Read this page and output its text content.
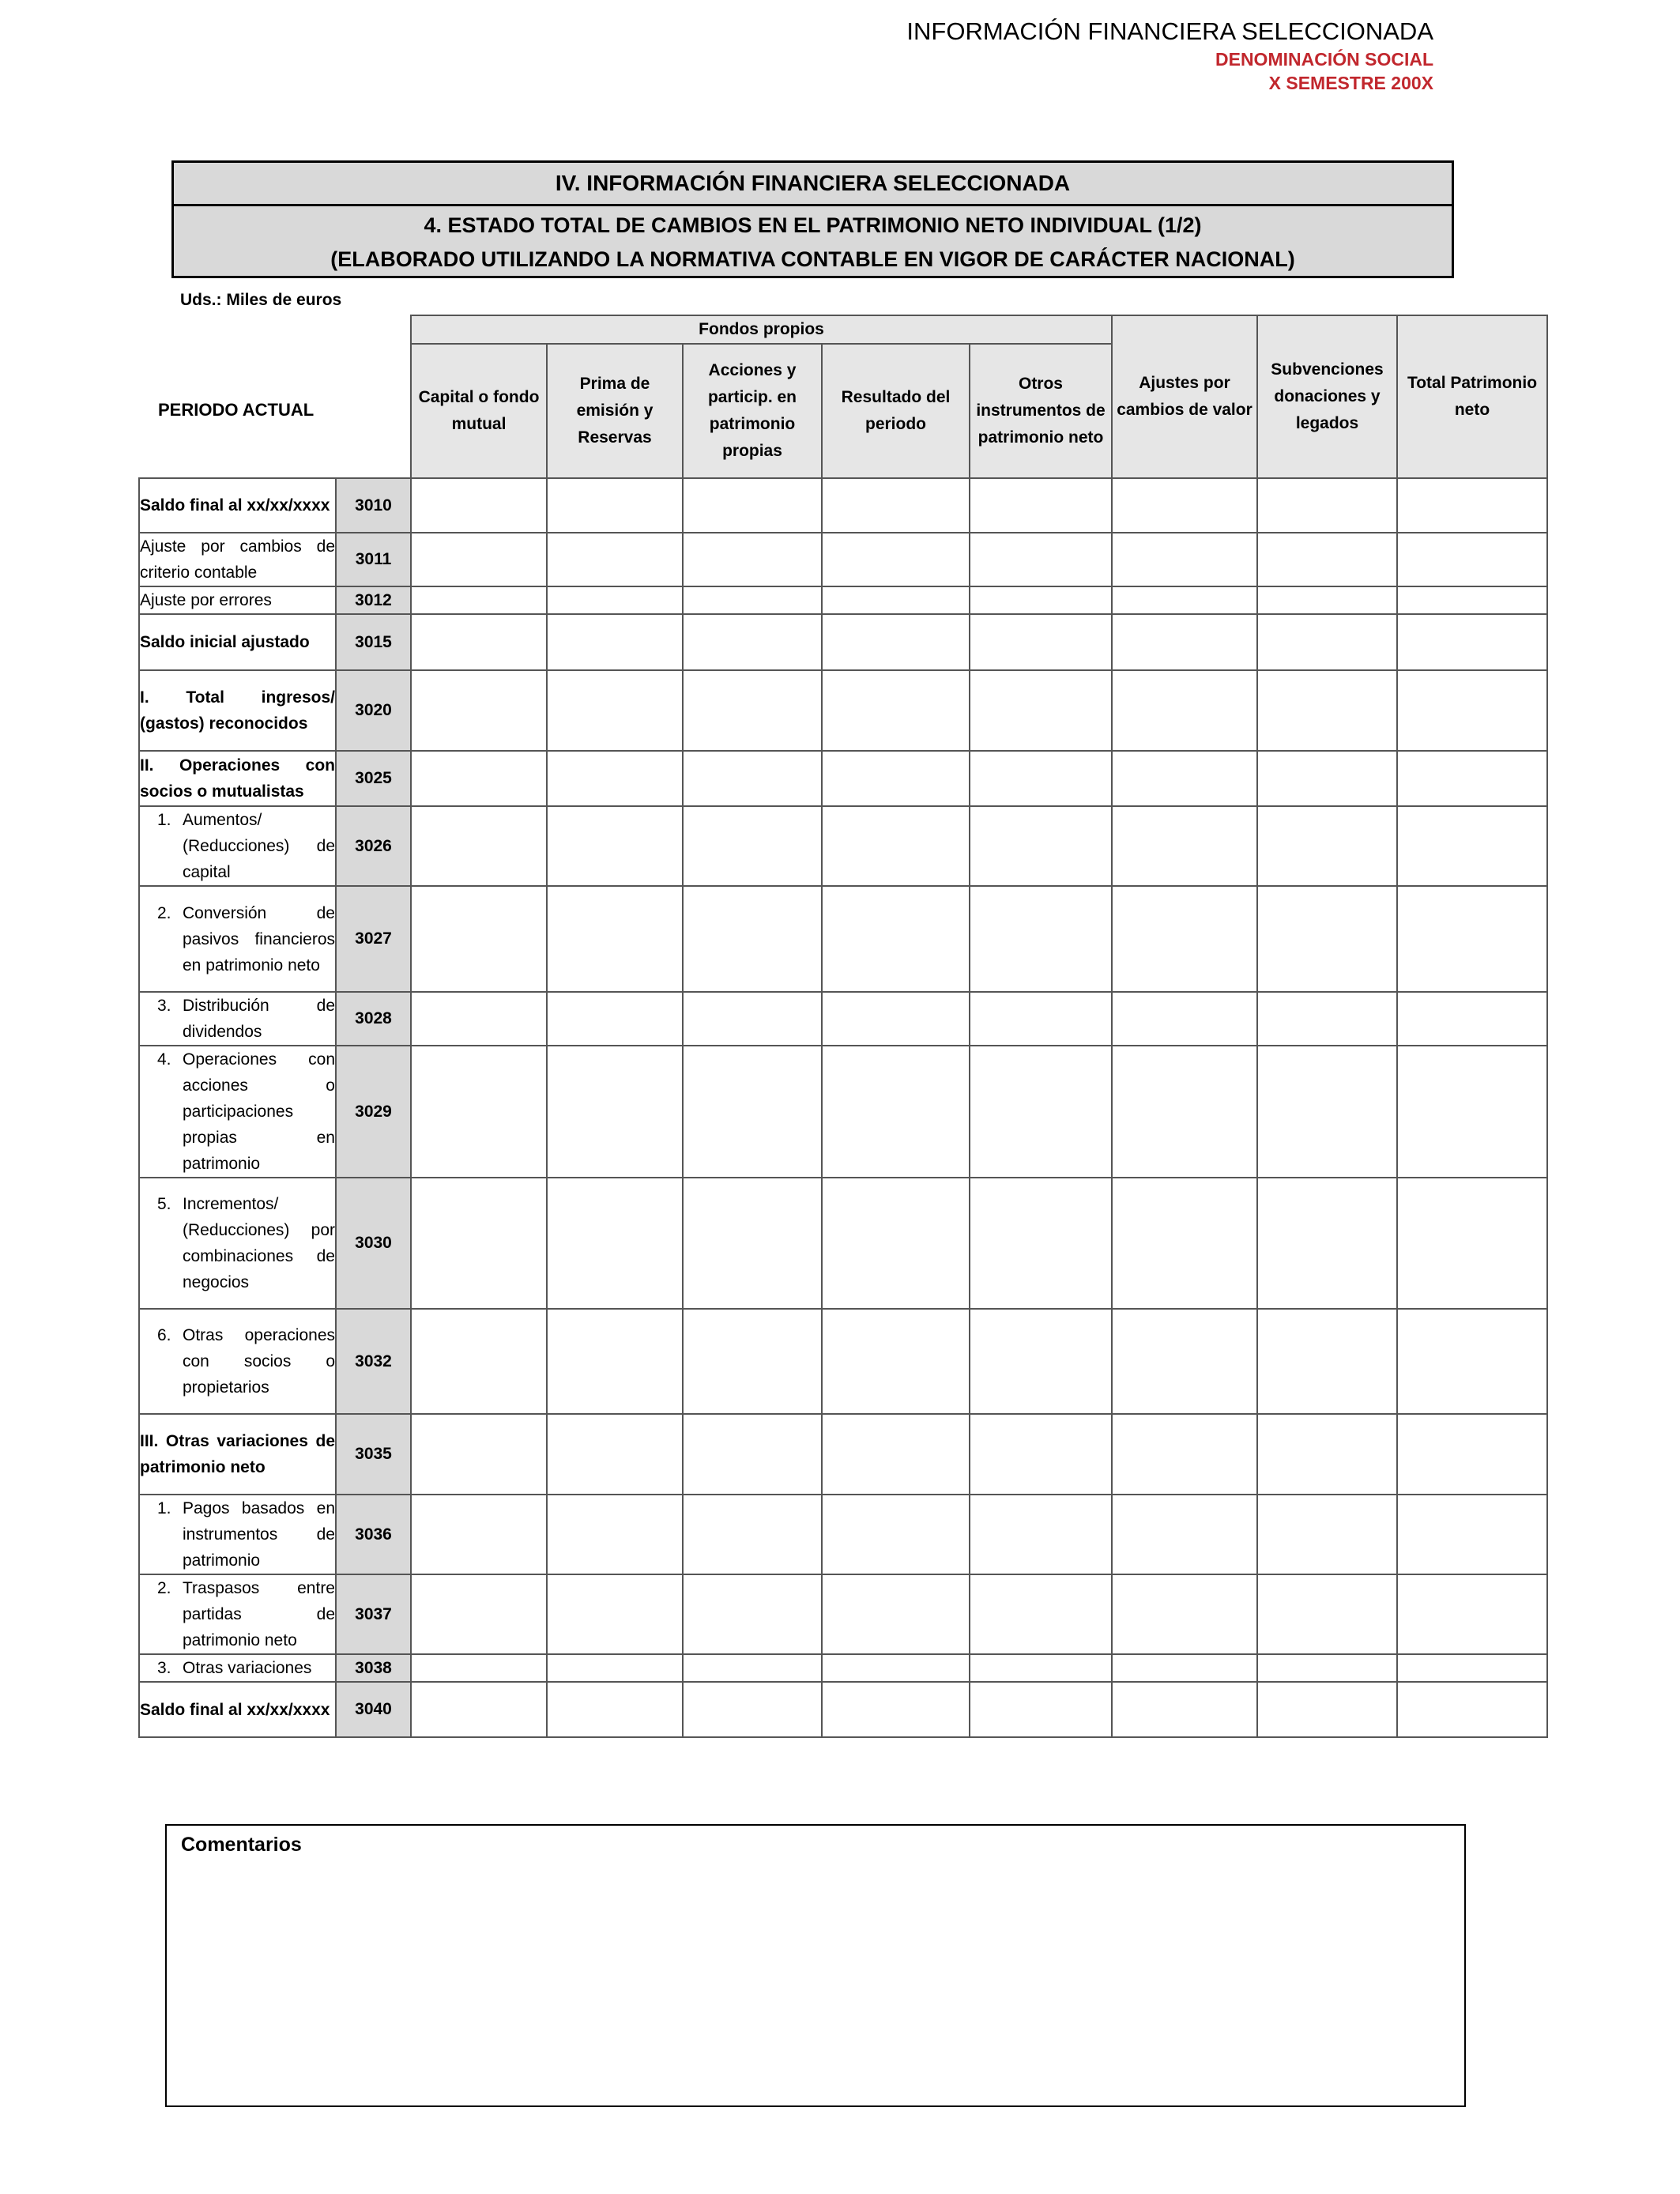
INFORMACIÓN FINANCIERA SELECCIONADA
DENOMINACIÓN SOCIAL
X SEMESTRE 200X
IV. INFORMACIÓN FINANCIERA SELECCIONADA
4. ESTADO TOTAL DE CAMBIOS EN EL PATRIMONIO NETO INDIVIDUAL (1/2)
(ELABORADO UTILIZANDO LA NORMATIVA CONTABLE EN VIGOR DE CARÁCTER NACIONAL)
Uds.: Miles de euros
PERIODO ACTUAL
		Fondos propios					Ajustes por cambios de valor	Subvenciones donaciones y legados	Total Patrimonio neto
		Capital o fondo mutual	Prima de emisión y Reservas	Acciones y particip. en patrimonio propias	Resultado del periodo	Otros instrumentos de patrimonio neto			
Saldo final al xx/xx/xxxx	3010								
Ajuste por cambios de criterio contable	3011								
Ajuste por errores	3012								
Saldo inicial ajustado	3015								
I. Total ingresos/ (gastos) reconocidos	3020								
II. Operaciones con socios o mutualistas	3025								

1. Aumentos/ (Reducciones) de capital	3026								

2. Conversión de pasivos financieros en patrimonio neto	3027								

3. Distribución de dividendos	3028								

4. Operaciones con acciones o participaciones propias en patrimonio	3029								

5. Incrementos/ (Reducciones) por combinaciones de negocios	3030								

6. Otras operaciones con socios o propietarios	3032								
III. Otras variaciones de patrimonio neto	3035								

1. Pagos basados en instrumentos de patrimonio	3036								

2. Traspasos entre partidas de patrimonio neto	3037								

3. Otras variaciones	3038								
Saldo final al xx/xx/xxxx	3040								
Comentarios
